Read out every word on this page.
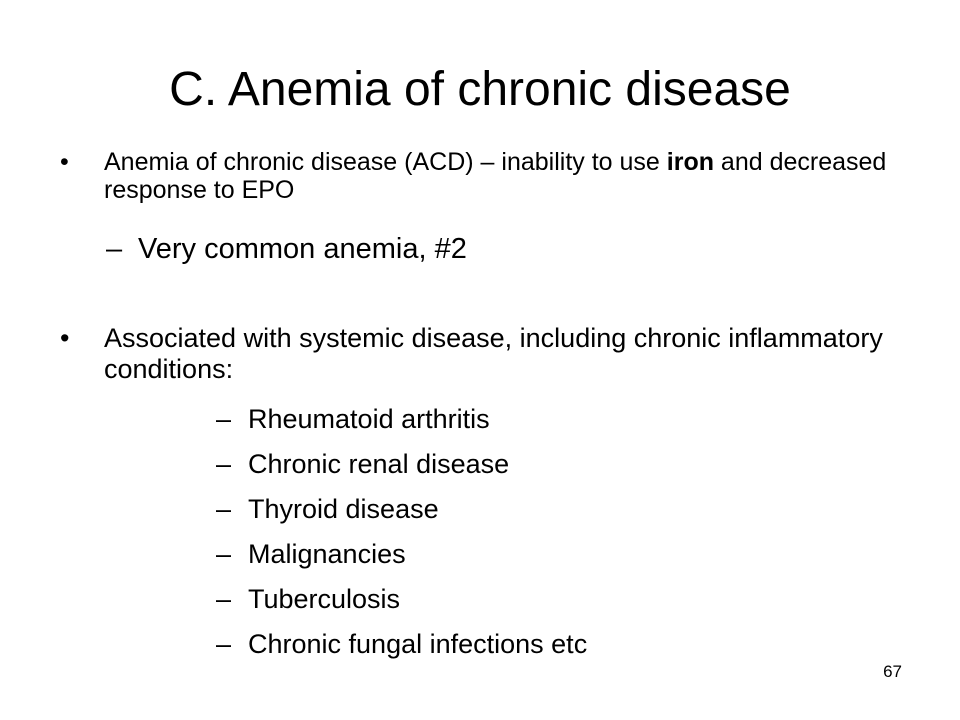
C. Anemia of chronic disease
• Anemia of chronic disease (ACD) – inability to use iron and decreased response to EPO
– Very common anemia, #2
• Associated with systemic disease, including chronic inflammatory conditions:
– Rheumatoid arthritis
– Chronic renal disease
– Thyroid disease
– Malignancies
– Tuberculosis
– Chronic fungal infections etc
67
